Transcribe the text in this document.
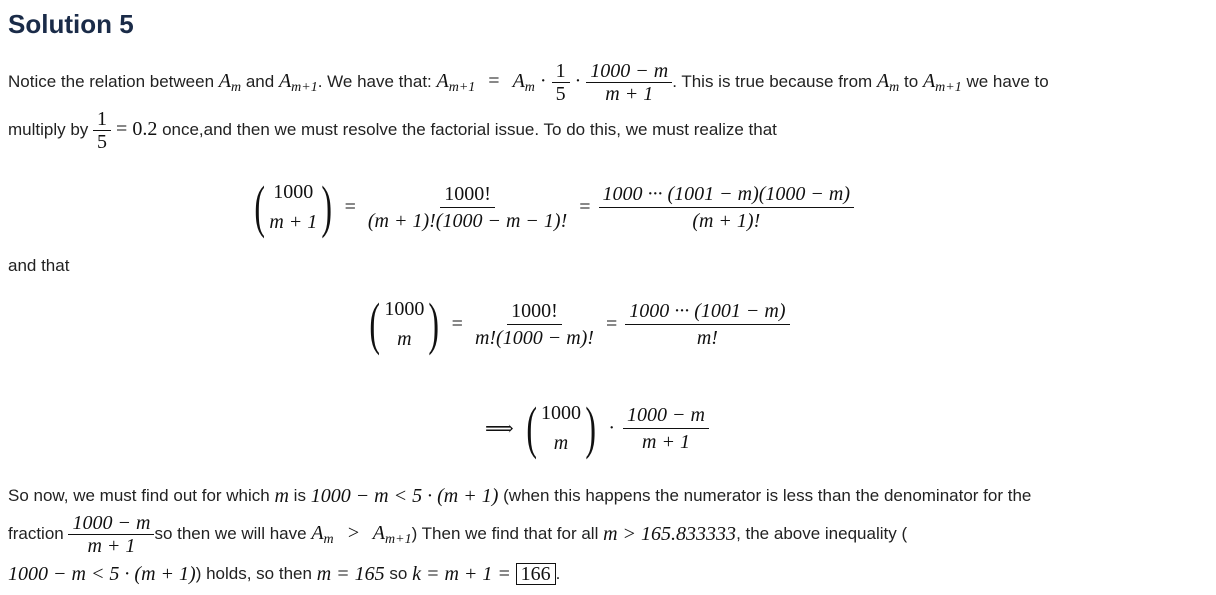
Solution 5
Notice the relation between
$A_m$
and
$A_{m+1}$ . We have that:
$A_{m+1} = A_m \cdot \frac{1}{5} \cdot \frac{1000 - m}{m + 1}$ . This is true because from
$A_m$
to
$A_{m+1}$
we have to
multiply by
$\frac{1}{5} = 0.2$
once,and then we must resolve the factorial issue. To do this, we must realize that
( 1000
m + 1 ) = $\frac{1000!}{(m + 1)!(1000 - m - 1)!} = \frac{1000 \cdot\cdot\cdot (1001 - m)(1000 - m)}{(m + 1)!}$
and that
( 1000
m ) = $\frac{1000!}{m!(1000 - m)!} = \frac{1000 \cdot\cdot\cdot (1001 - m)}{m!}$
⟹ ( 1000
m ) · $\frac{1000 - m}{m + 1}$
So now, we must find out for which
m
is
1000 − m < 5 · (m + 1)
(when this happens the numerator is less than the denominator for the
fraction
$\frac{1000 - m}{m + 1}$ so then we will have
$A_m > A_{m+1}$ ) Then we find that for all
m > 165.833333 , the above inequality (
1000 − m < 5 · (m + 1) ) holds, so then
m = 165
so
k = m + 1 =
166 .
